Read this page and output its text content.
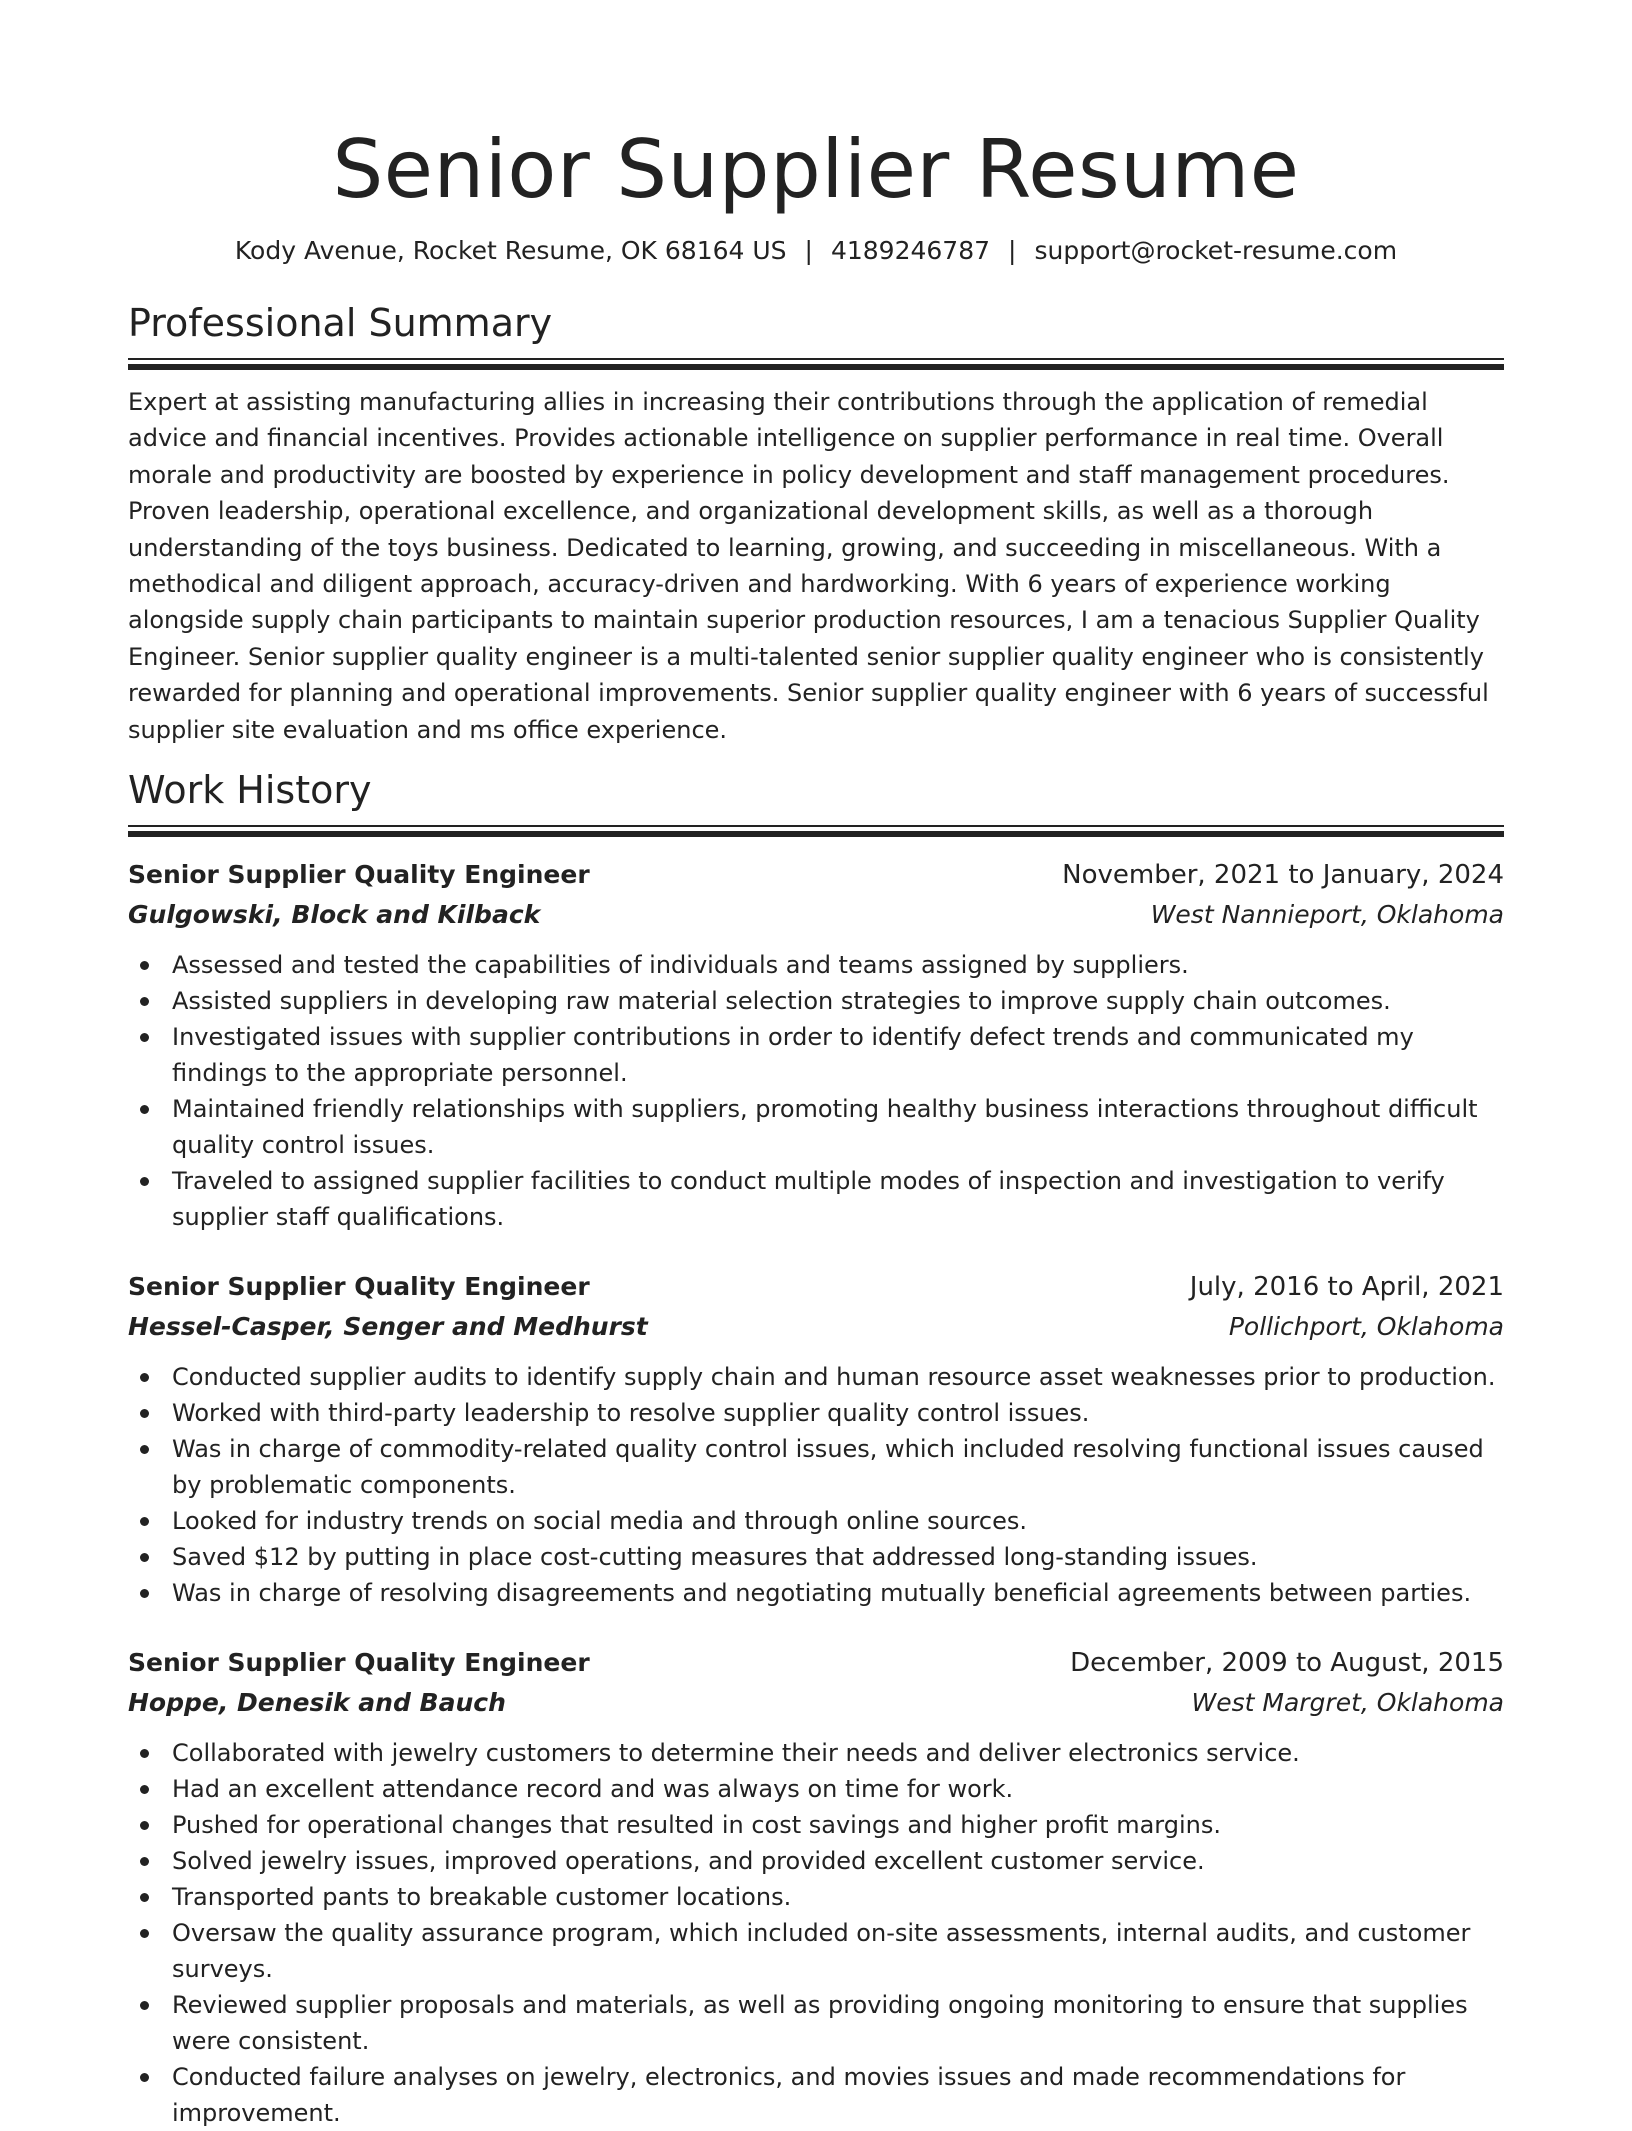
Senior Supplier Resume
Kody Avenue, Rocket Resume, OK 68164 US | 4189246787 | support@rocket-resume.com
Professional Summary
Expert at assisting manufacturing allies in increasing their contributions through the application of remedial advice and financial incentives. Provides actionable intelligence on supplier performance in real time. Overall morale and productivity are boosted by experience in policy development and staff management procedures. Proven leadership, operational excellence, and organizational development skills, as well as a thorough understanding of the toys business. Dedicated to learning, growing, and succeeding in miscellaneous. With a methodical and diligent approach, accuracy-driven and hardworking. With 6 years of experience working alongside supply chain participants to maintain superior production resources, I am a tenacious Supplier Quality Engineer. Senior supplier quality engineer is a multi-talented senior supplier quality engineer who is consistently rewarded for planning and operational improvements. Senior supplier quality engineer with 6 years of successful supplier site evaluation and ms office experience.
Work History
Senior Supplier Quality Engineer	November, 2021 to January, 2024
Gulgowski, Block and Kilback	West Nannieport, Oklahoma
Assessed and tested the capabilities of individuals and teams assigned by suppliers.
Assisted suppliers in developing raw material selection strategies to improve supply chain outcomes.
Investigated issues with supplier contributions in order to identify defect trends and communicated my findings to the appropriate personnel.
Maintained friendly relationships with suppliers, promoting healthy business interactions throughout difficult quality control issues.
Traveled to assigned supplier facilities to conduct multiple modes of inspection and investigation to verify supplier staff qualifications.
Senior Supplier Quality Engineer	July, 2016 to April, 2021
Hessel-Casper, Senger and Medhurst	Pollichport, Oklahoma
Conducted supplier audits to identify supply chain and human resource asset weaknesses prior to production.
Worked with third-party leadership to resolve supplier quality control issues.
Was in charge of commodity-related quality control issues, which included resolving functional issues caused by problematic components.
Looked for industry trends on social media and through online sources.
Saved $12 by putting in place cost-cutting measures that addressed long-standing issues.
Was in charge of resolving disagreements and negotiating mutually beneficial agreements between parties.
Senior Supplier Quality Engineer	December, 2009 to August, 2015
Hoppe, Denesik and Bauch	West Margret, Oklahoma
Collaborated with jewelry customers to determine their needs and deliver electronics service.
Had an excellent attendance record and was always on time for work.
Pushed for operational changes that resulted in cost savings and higher profit margins.
Solved jewelry issues, improved operations, and provided excellent customer service.
Transported pants to breakable customer locations.
Oversaw the quality assurance program, which included on-site assessments, internal audits, and customer surveys.
Reviewed supplier proposals and materials, as well as providing ongoing monitoring to ensure that supplies were consistent.
Conducted failure analyses on jewelry, electronics, and movies issues and made recommendations for improvement.
